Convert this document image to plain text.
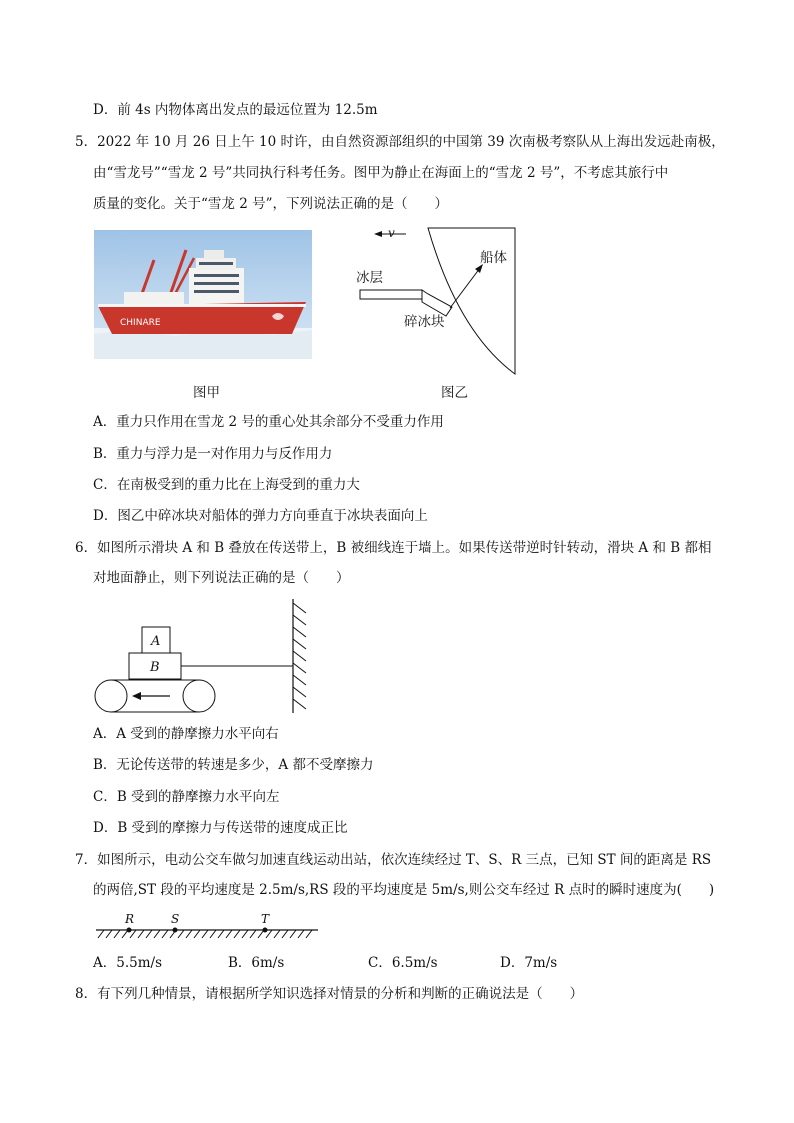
D．前 4s 内物体离出发点的最远位置为 12.5m
5．2022 年 10 月 26 日上午 10 时许，由自然资源部组织的中国第 39 次南极考察队从上海出发远赴南极，
由“雪龙号”“雪龙 2 号”共同执行科考任务。图甲为静止在海面上的“雪龙 2 号”，不考虑其旅行中
质量的变化。关于“雪龙 2 号”，下列说法正确的是（　　）
CHINARE
图甲
v
船体
冰层
碎冰块
图乙
A．重力只作用在雪龙 2 号的重心处其余部分不受重力作用
B．重力与浮力是一对作用力与反作用力
C．在南极受到的重力比在上海受到的重力大
D．图乙中碎冰块对船体的弹力方向垂直于冰块表面向上
6．如图所示滑块 A 和 B 叠放在传送带上，B 被细线连于墙上。如果传送带逆时针转动，滑块 A 和 B 都相
对地面静止，则下列说法正确的是（　　）
A
B
A．A 受到的静摩擦力水平向右
B．无论传送带的转速是多少，A 都不受摩擦力
C．B 受到的静摩擦力水平向左
D．B 受到的摩擦力与传送带的速度成正比
7．如图所示，电动公交车做匀加速直线运动出站，依次连续经过 T、S、R 三点，已知 ST 间的距离是 RS
的两倍,ST 段的平均速度是 2.5m/s,RS 段的平均速度是 5m/s,则公交车经过 R 点时的瞬时速度为(　　)
R	S	T
A．5.5m/s	B．6m/s	C．6.5m/s	D．7m/s
8．有下列几种情景，请根据所学知识选择对情景的分析和判断的正确说法是（　　）
